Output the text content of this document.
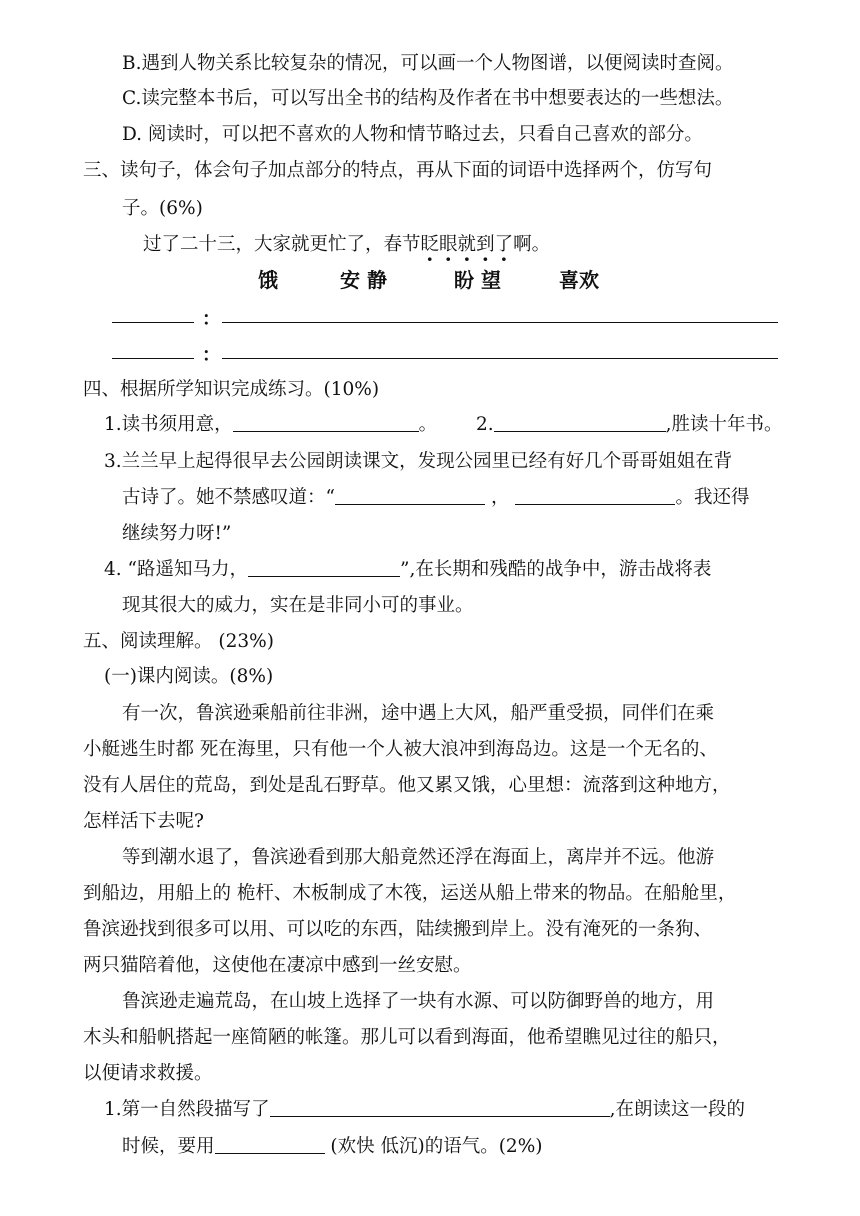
B.遇到人物关系比较复杂的情况，可以画一个人物图谱，以便阅读时查阅。
C.读完整本书后，可以写出全书的结构及作者在书中想要表达的一些想法。
D. 阅读时，可以把不喜欢的人物和情节略过去，只看自己喜欢的部分。
三、读句子，体会句子加点部分的特点，再从下面的词语中选择两个，仿写句
子。(6%)
过了二十三，大家就更忙了，春节眨眼就到了啊。
饿	安 静	盼 望	喜欢
：
：
四、根据所学知识完成练习。(10%)
1.读书须用意，	。 2.	,胜读十年书。
3.兰兰早上起得很早去公园朗读课文，发现公园里已经有好几个哥哥姐姐在背
古诗了。她不禁感叹道：“	，	。我还得
继续努力呀!”
4. “路遥知马力，	”,在长期和残酷的战争中，游击战将表
现其很大的威力，实在是非同小可的事业。
五、阅读理解。 (23%)
(一)课内阅读。(8%)
有一次，鲁滨逊乘船前往非洲，途中遇上大风，船严重受损，同伴们在乘
小艇逃生时都 死在海里，只有他一个人被大浪冲到海岛边。这是一个无名的、
没有人居住的荒岛，到处是乱石野草。他又累又饿，心里想：流落到这种地方，
怎样活下去呢?
等到潮水退了，鲁滨逊看到那大船竟然还浮在海面上，离岸并不远。他游
到船边，用船上的 桅杆、木板制成了木筏，运送从船上带来的物品。在船舱里，
鲁滨逊找到很多可以用、可以吃的东西，陆续搬到岸上。没有淹死的一条狗、
两只猫陪着他，这使他在凄凉中感到一丝安慰。
鲁滨逊走遍荒岛，在山坡上选择了一块有水源、可以防御野兽的地方，用
木头和船帆搭起一座简陋的帐篷。那儿可以看到海面，他希望瞧见过往的船只，
以便请求救援。
1.第一自然段描写了	,在朗读这一段的
时候，要用	(欢快 低沉)的语气。(2%)
